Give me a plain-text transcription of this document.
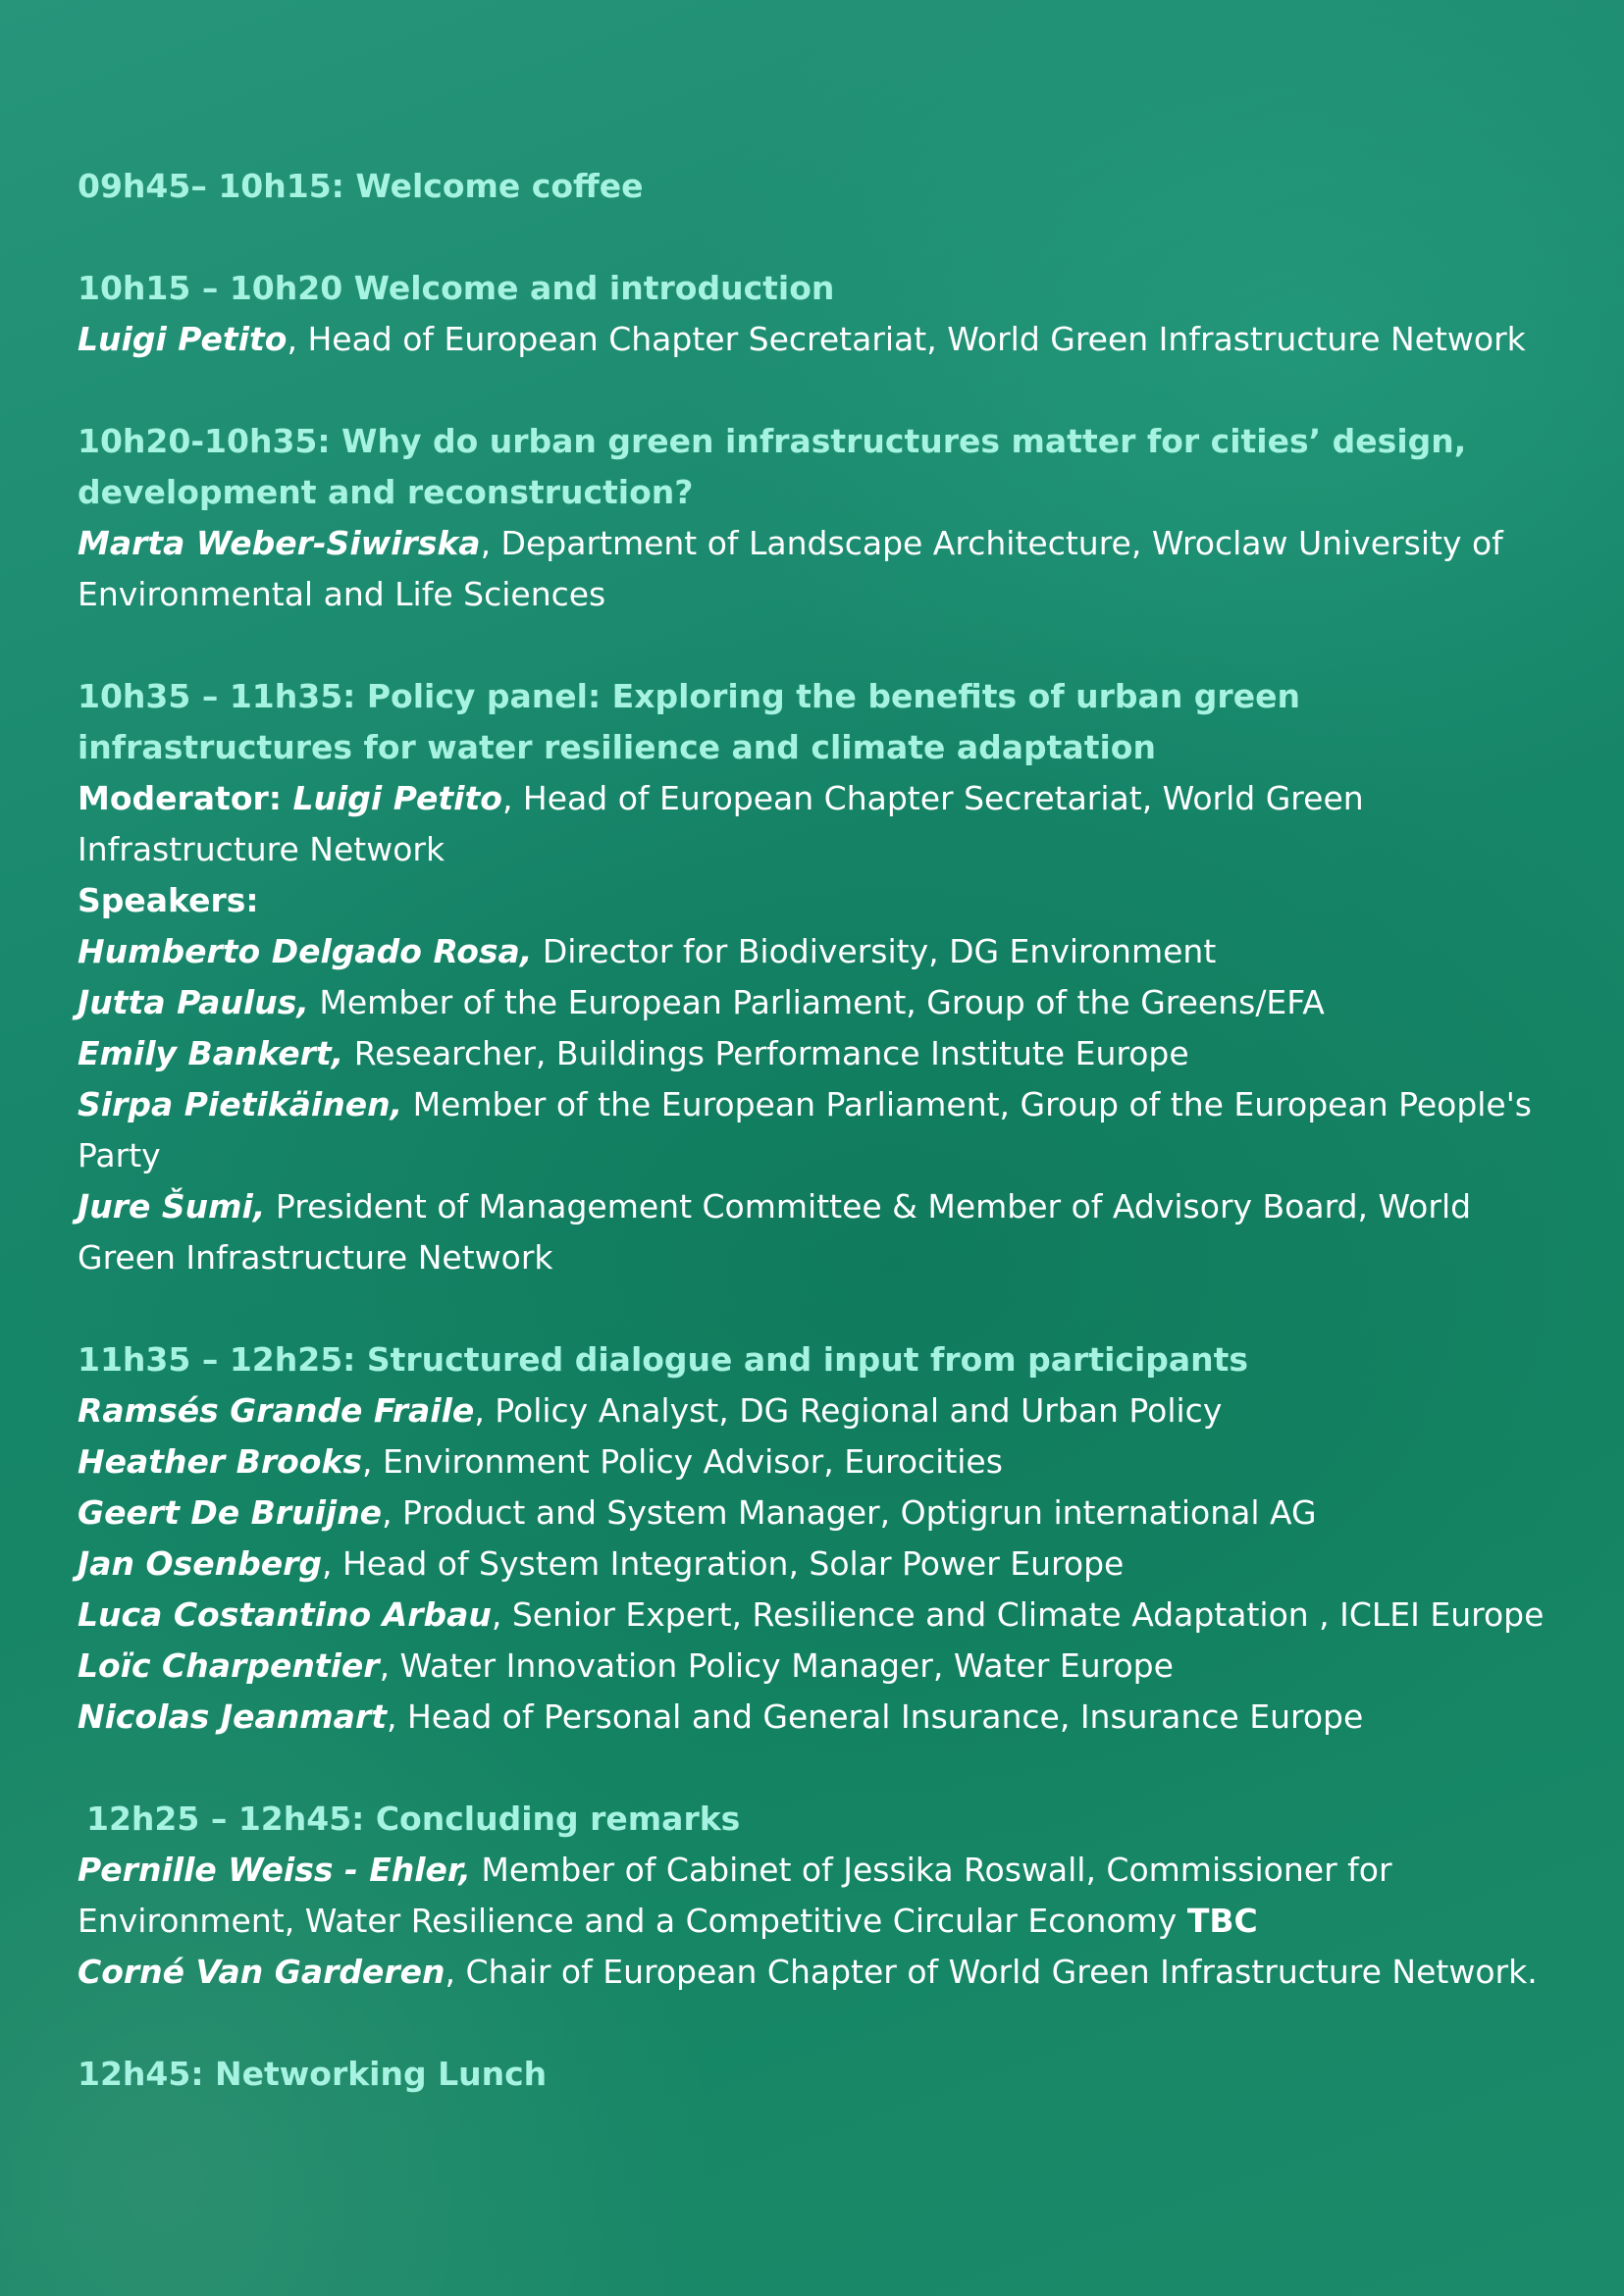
09h45– 10h15: Welcome coffee
10h15 – 10h20 Welcome and introduction
Luigi Petito, Head of European Chapter Secretariat, World Green Infrastructure Network
10h20-10h35: Why do urban green infrastructures matter for cities’ design, development and reconstruction?
Marta Weber-Siwirska, Department of Landscape Architecture, Wroclaw University of Environmental and Life Sciences
10h35 – 11h35: Policy panel: Exploring the benefits of urban green infrastructures for water resilience and climate adaptation
Moderator: Luigi Petito, Head of European Chapter Secretariat, World Green Infrastructure Network
Speakers:
Humberto Delgado Rosa, Director for Biodiversity, DG Environment
Jutta Paulus, Member of the European Parliament, Group of the Greens/EFA
Emily Bankert, Researcher, Buildings Performance Institute Europe
Sirpa Pietikäinen, Member of the European Parliament, Group of the European People's Party
Jure Šumi, President of Management Committee & Member of Advisory Board, World Green Infrastructure Network
11h35 – 12h25: Structured dialogue and input from participants
Ramsés Grande Fraile, Policy Analyst, DG Regional and Urban Policy
Heather Brooks, Environment Policy Advisor, Eurocities
Geert De Bruijne, Product and System Manager, Optigrun international AG
Jan Osenberg, Head of System Integration, Solar Power Europe
Luca Costantino Arbau, Senior Expert, Resilience and Climate Adaptation , ICLEI Europe
Loïc Charpentier, Water Innovation Policy Manager, Water Europe
Nicolas Jeanmart, Head of Personal and General Insurance, Insurance Europe
12h25 – 12h45: Concluding remarks
Pernille Weiss - Ehler, Member of Cabinet of Jessika Roswall, Commissioner for Environment, Water Resilience and a Competitive Circular Economy TBC
Corné Van Garderen, Chair of European Chapter of World Green Infrastructure Network.
12h45: Networking Lunch
